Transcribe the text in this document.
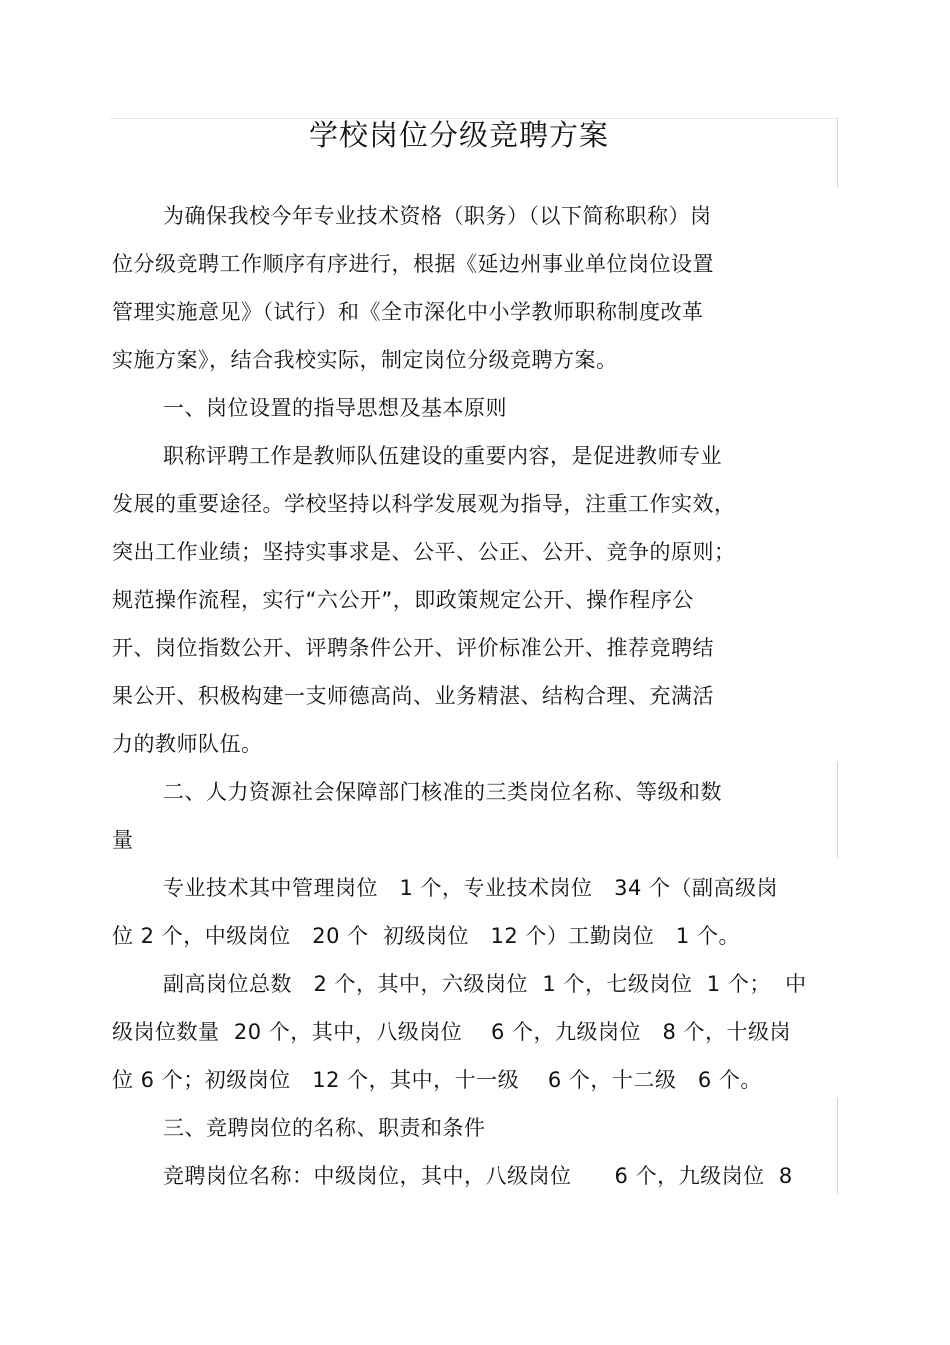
学校岗位分级竞聘方案
为确保我校今年专业技术资格（职务）（以下简称职称）岗
位分级竞聘工作顺序有序进行，根据《延边州事业单位岗位设置
管理实施意见》（试行）和《全市深化中小学教师职称制度改革
实施方案》，结合我校实际，制定岗位分级竞聘方案。
一、岗位设置的指导思想及基本原则
职称评聘工作是教师队伍建设的重要内容，是促进教师专业
发展的重要途径。学校坚持以科学发展观为指导，注重工作实效，
突出工作业绩；坚持实事求是、公平、公正、公开、竞争的原则；
规范操作流程，实行“六公开”，即政策规定公开、操作程序公
开、岗位指数公开、评聘条件公开、评价标准公开、推荐竞聘结
果公开、积极构建一支师德高尚、业务精湛、结构合理、充满活
力的教师队伍。
二、人力资源社会保障部门核准的三类岗位名称、等级和数
量
专业技术其中管理岗位   1 个，专业技术岗位   34 个（副高级岗
位 2 个，中级岗位   20 个  初级岗位   12 个）工勤岗位   1 个。
副高岗位总数   2 个，其中，六级岗位  1 个，七级岗位  1 个；  中
级岗位数量  20 个，其中，八级岗位    6 个，九级岗位   8 个，十级岗
位 6 个；初级岗位   12 个，其中，十一级    6 个，十二级   6 个。
三、竞聘岗位的名称、职责和条件
竞聘岗位名称：中级岗位，其中，八级岗位      6 个，九级岗位  8
